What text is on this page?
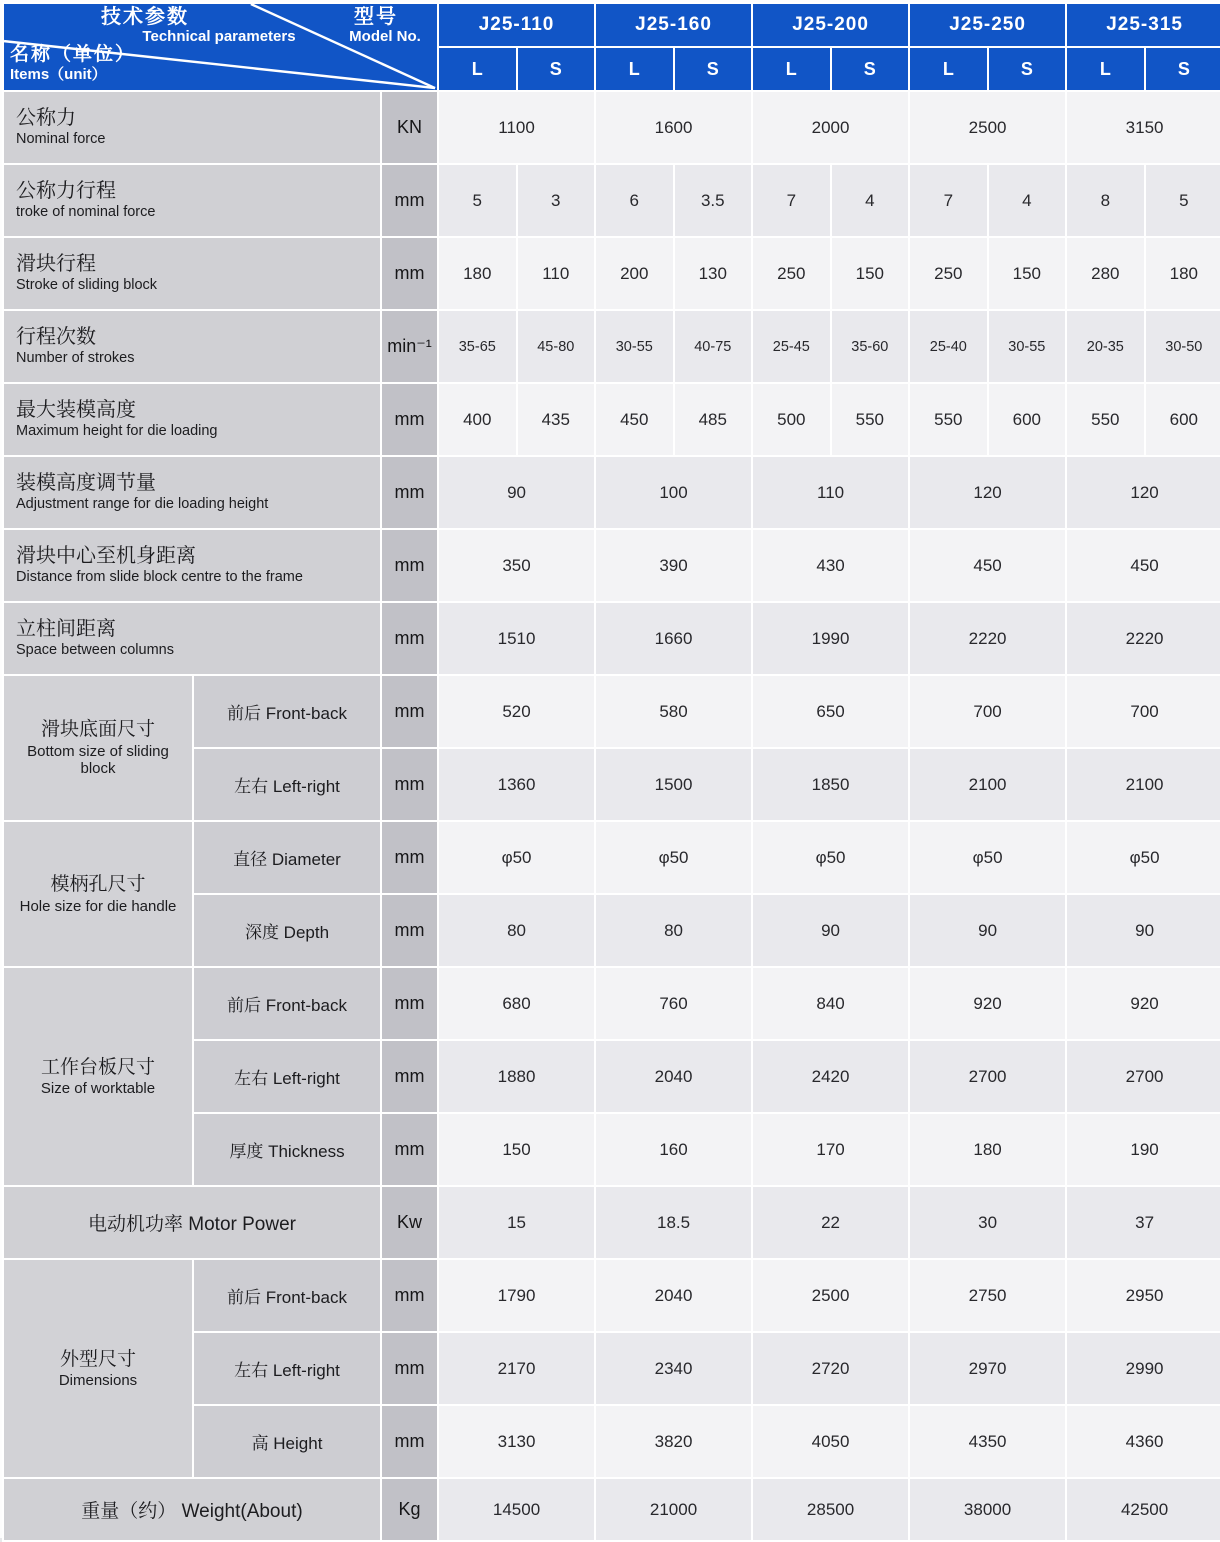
技术参数
Technical parameters
型号
Model No.
名称（单位）
Items（unit）
	J25-110	J25-160	J25-200	J25-250	J25-315
			L	S	L	S	L	S	L	S	L	S

公称力
Nominal force		KN	1100		1600		2000		2500		3150	

公称力行程
troke of nominal force		mm	5	3	6	3.5	7	4	7	4	8	5

滑块行程
Stroke of sliding block		mm	180	110	200	130	250	150	250	150	280	180

行程次数
Number of strokes		min⁻¹	35-65	45-80	30-55	40-75	25-45	35-60	25-40	30-55	20-35	30-50

最大装模高度
Maximum height for die loading		mm	400	435	450	485	500	550	550	600	550	600

装模高度调节量
Adjustment range for die loading height		mm	90		100		110		120		120	

滑块中心至机身距离
Distance from slide block centre to the frame		mm	350		390		430		450		450	

立柱间距离
Space between columns		mm	1510		1660		1990		2220		2220	

滑块底面尺寸
Bottom size of sliding block	前后 Front-back	mm	520		580		650		700		700	
	左右 Left-right	mm	1360		1500		1850		2100		2100	

模柄孔尺寸
Hole size for die handle	直径 Diameter	mm	φ50		φ50		φ50		φ50		φ50	
	深度 Depth	mm	80		80		90		90		90	

工作台板尺寸
Size of worktable	前后 Front-back	mm	680		760		840		920		920	
	左右 Left-right	mm	1880		2040		2420		2700		2700	
	厚度 Thickness	mm	150		160		170		180		190	
电动机功率 Motor Power		Kw	15		18.5		22		30		37	

外型尺寸
Dimensions	前后 Front-back	mm	1790		2040		2500		2750		2950	
	左右 Left-right	mm	2170		2340		2720		2970		2990	
	高 Height	mm	3130		3820		4050		4350		4360	
重量（约） Weight(About)		Kg	14500		21000		28500		38000		42500	
